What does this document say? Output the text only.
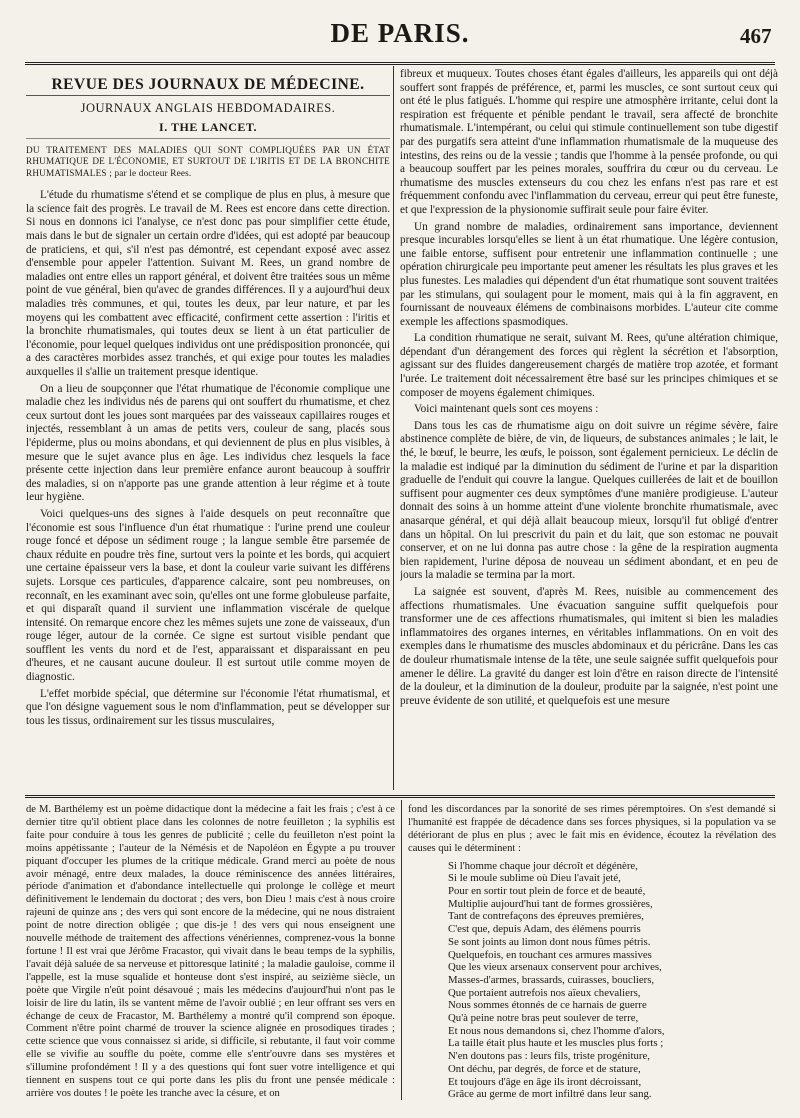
DE PARIS.	467
REVUE DES JOURNAUX DE MÉDECINE.
JOURNAUX ANGLAIS HEBDOMADAIRES.
I. THE LANCET.
DU TRAITEMENT DES MALADIES QUI SONT COMPLIQUÉES PAR UN ÉTAT RHUMATIQUE DE L'ÉCONOMIE, ET SURTOUT DE L'IRITIS ET DE LA BRONCHITE RHUMATISMALES ; par le docteur Rees.

L'étude du rhumatisme s'étend et se complique de plus en plus, à mesure que la science fait des progrès. Le travail de M. Rees est encore dans cette direction. Si nous en donnons ici l'analyse, ce n'est donc pas pour simplifier cette étude, mais dans le but de signaler un certain ordre d'idées, qui est adopté par beaucoup de praticiens, et qui, s'il n'est pas démontré, est cependant exposé avec assez d'ensemble pour appeler l'attention. Suivant M. Rees, un grand nombre de maladies ont entre elles un rapport général, et doivent être traitées sous un même point de vue général, bien qu'avec de grandes différences. Il y a aujourd'hui deux maladies très communes, et qui, toutes les deux, par leur nature, et par les moyens qui les combattent avec efficacité, confirment cette assertion : l'iritis et la bronchite rhumatismales, qui toutes deux se lient à un état particulier de l'économie, pour lequel quelques individus ont une prédisposition prononcée, qui a des caractères morbides assez tranchés, et qui exige pour toutes les maladies auxquelles il s'allie un traitement presque identique.

On a lieu de soupçonner que l'état rhumatique de l'économie complique une maladie chez les individus nés de parens qui ont souffert du rhumatisme, et chez ceux surtout dont les joues sont marquées par des vaisseaux capillaires rouges et injectés, ressemblant à un amas de petits vers, couleur de sang, placés sous l'épiderme, plus ou moins abondans, et qui deviennent de plus en plus visibles, à mesure que le sujet avance plus en âge. Les individus chez lesquels la face présente cette injection dans leur première enfance auront beaucoup à souffrir des maladies, si on n'apporte pas une grande attention à leur régime et à toute leur hygiène.

Voici quelques-uns des signes à l'aide desquels on peut reconnaître que l'économie est sous l'influence d'un état rhumatique : l'urine prend une couleur rouge foncé et dépose un sédiment rouge ; la langue semble être parsemée de chaux réduite en poudre très fine, surtout vers la pointe et les bords, qui acquiert une certaine épaisseur vers la base, et dont la couleur varie suivant les différens sujets. Lorsque ces particules, d'apparence calcaire, sont peu nombreuses, on reconnaît, en les examinant avec soin, qu'elles ont une forme globuleuse parfaite, et qui disparaît quand il survient une inflammation viscérale de quelque intensité. On remarque encore chez les mêmes sujets une zone de vaisseaux, d'un rouge léger, autour de la cornée. Ce signe est surtout visible pendant que soufflent les vents du nord et de l'est, apparaissant et disparaissant en peu d'heures, et ne causant aucune douleur. Il est surtout utile comme moyen de diagnostic.

L'effet morbide spécial, que détermine sur l'économie l'état rhumatismal, et que l'on désigne vaguement sous le nom d'inflammation, peut se développer sur tous les tissus, ordinairement sur les tissus musculaires,

fibreux et muqueux. Toutes choses étant égales d'ailleurs, les appareils qui ont déjà souffert sont frappés de préférence, et, parmi les muscles, ce sont surtout ceux qui ont été le plus fatigués. L'homme qui respire une atmosphère irritante, celui dont la respiration est fréquente et pénible pendant le travail, sera affecté de bronchite rhumatismale. L'intempérant, ou celui qui stimule continuellement son tube digestif par des purgatifs sera atteint d'une inflammation rhumatismale de la muqueuse des intestins, des reins ou de la vessie ; tandis que l'homme à la pensée profonde, ou qui a beaucoup souffert par les peines morales, souffrira du cœur ou du cerveau. Le rhumatisme des muscles extenseurs du cou chez les enfans n'est pas rare et est fréquemment confondu avec l'inflammation du cerveau, erreur qui peut être funeste, et que l'expression de la physionomie suffirait seule pour faire éviter.

Un grand nombre de maladies, ordinairement sans importance, deviennent presque incurables lorsqu'elles se lient à un état rhumatique. Une légère contusion, une faible entorse, suffisent pour entretenir une inflammation continuelle ; une opération chirurgicale peu importante peut amener les résultats les plus graves et les plus funestes. Les maladies qui dépendent d'un état rhumatique sont souvent traitées par les stimulans, qui soulagent pour le moment, mais qui à la fin aggravent, en fournissant de nouveaux élémens de combinaisons morbides. L'auteur cite comme exemple les affections spasmodiques.

La condition rhumatique ne serait, suivant M. Rees, qu'une altération chimique, dépendant d'un dérangement des forces qui règlent la sécrétion et l'absorption, agissant sur des fluides dangereusement chargés de matière trop azotée, et formant l'urée. Le traitement doit nécessairement être basé sur les principes chimiques et se composer de moyens également chimiques.

Voici maintenant quels sont ces moyens :

Dans tous les cas de rhumatisme aigu on doit suivre un régime sévère, faire abstinence complète de bière, de vin, de liqueurs, de substances animales ; le lait, le thé, le bœuf, le beurre, les œufs, le poisson, sont également pernicieux. Le déclin de la maladie est indiqué par la diminution du sédiment de l'urine et par la disparition graduelle de l'enduit qui couvre la langue. Quelques cuillerées de lait et de bouillon suffisent pour augmenter ces deux symptômes d'une manière prodigieuse. L'auteur donnait des soins à un homme atteint d'une violente bronchite rhumatismale, avec anasarque général, et qui déjà allait beaucoup mieux, lorsqu'il fut obligé d'entrer dans un hôpital. On lui prescrivit du pain et du lait, que son estomac ne pouvait conserver, et on ne lui donna pas autre chose : la gêne de la respiration augmenta bien rapidement, l'urine déposa de nouveau un sédiment abondant, et en peu de jours la maladie se termina par la mort.

La saignée est souvent, d'après M. Rees, nuisible au commencement des affections rhumatismales. Une évacuation sanguine suffit quelquefois pour transformer une de ces affections rhumatismales, qui imitent si bien les maladies inflammatoires des organes internes, en véritables inflammations. On en voit des exemples dans le rhumatisme des muscles abdominaux et du péricrâne. Dans les cas de douleur rhumatismale intense de la tête, une seule saignée suffit quelquefois pour amener le délire. La gravité du danger est loin d'être en raison directe de l'intensité de la douleur, et la diminution de la douleur, produite par la saignée, n'est point une preuve évidente de son utilité, et quelquefois est une mesure

de M. Barthélemy est un poème didactique dont la médecine a fait les frais ; c'est à ce dernier titre qu'il obtient place dans les colonnes de notre feuilleton ; la syphilis est faite pour conduire à tous les genres de publicité ; celle du feuilleton n'est point la moins appétissante ; l'auteur de la Némésis et de Napoléon en Égypte a pu trouver piquant d'occuper les plumes de la critique médicale. Grand merci au poète de nous avoir ménagé, entre deux malades, la douce réminiscence des années littéraires, période d'animation et d'abondance intellectuelle qui prolonge le collège et meurt définitivement le lendemain du doctorat ; des vers, bon Dieu ! mais c'est à nous croire rajeuni de quinze ans ; des vers qui sont encore de la médecine, qui ne nous distraient point de notre direction obligée ; que dis-je ! des vers qui nous enseignent une nouvelle méthode de traitement des affections vénériennes, comprenez-vous la bonne fortune ! Il est vrai que Jérôme Fracastor, qui vivait dans le beau temps de la syphilis, l'avait déjà saluée de sa nerveuse et pittoresque latinité ; la maladie gauloise, comme il l'appelle, est la muse squalide et honteuse dont s'est inspiré, au seizième siècle, un poète que Virgile n'eût point désavoué ; mais les médecins d'aujourd'hui n'ont pas le loisir de lire du latin, ils se vantent même de l'avoir oublié ; en leur offrant ses vers en échange de ceux de Fracastor, M. Barthélemy a montré qu'il comprend son époque. Comment n'être point charmé de trouver la science alignée en prosodiques tirades ; cette science que vous connaissez si aride, si difficile, si rebutante, il faut voir comme elle se vivifie au souffle du poète, comme elle s'entr'ouvre dans ses mystères et s'illumine profondément ! Il y a des questions qui font suer votre intelligence et qui tiennent en suspens tout ce qui porte dans les plis du front une pensée médicale : arrière vos doutes ! le poète les tranche avec la césure, et on

fond les discordances par la sonorité de ses rimes péremptoires. On s'est demandé si l'humanité est frappée de décadence dans ses forces physiques, si la population va se détériorant de plus en plus ; avec le fait mis en évidence, écoutez la révélation des causes qui le déterminent :

Si l'homme chaque jour décroît et dégénère,
Si le moule sublime où Dieu l'avait jeté,
Pour en sortir tout plein de force et de beauté,
Multiplie aujourd'hui tant de formes grossières,
Tant de contrefaçons des épreuves premières,
C'est que, depuis Adam, des élémens pourris
Se sont joints au limon dont nous fûmes pétris.
Quelquefois, en touchant ces armures massives
Que les vieux arsenaux conservent pour archives,
Masses-d'armes, brassards, cuirasses, boucliers,
Que portaient autrefois nos aïeux chevaliers,
Nous sommes étonnés de ce harnais de guerre
Qu'à peine notre bras peut soulever de terre,
Et nous nous demandons si, chez l'homme d'alors,
La taille était plus haute et les muscles plus forts ;
N'en doutons pas : leurs fils, triste progéniture,
Ont déchu, par degrés, de force et de stature,
Et toujours d'âge en âge ils iront décroissant,
Grâce au germe de mort infiltré dans leur sang.
